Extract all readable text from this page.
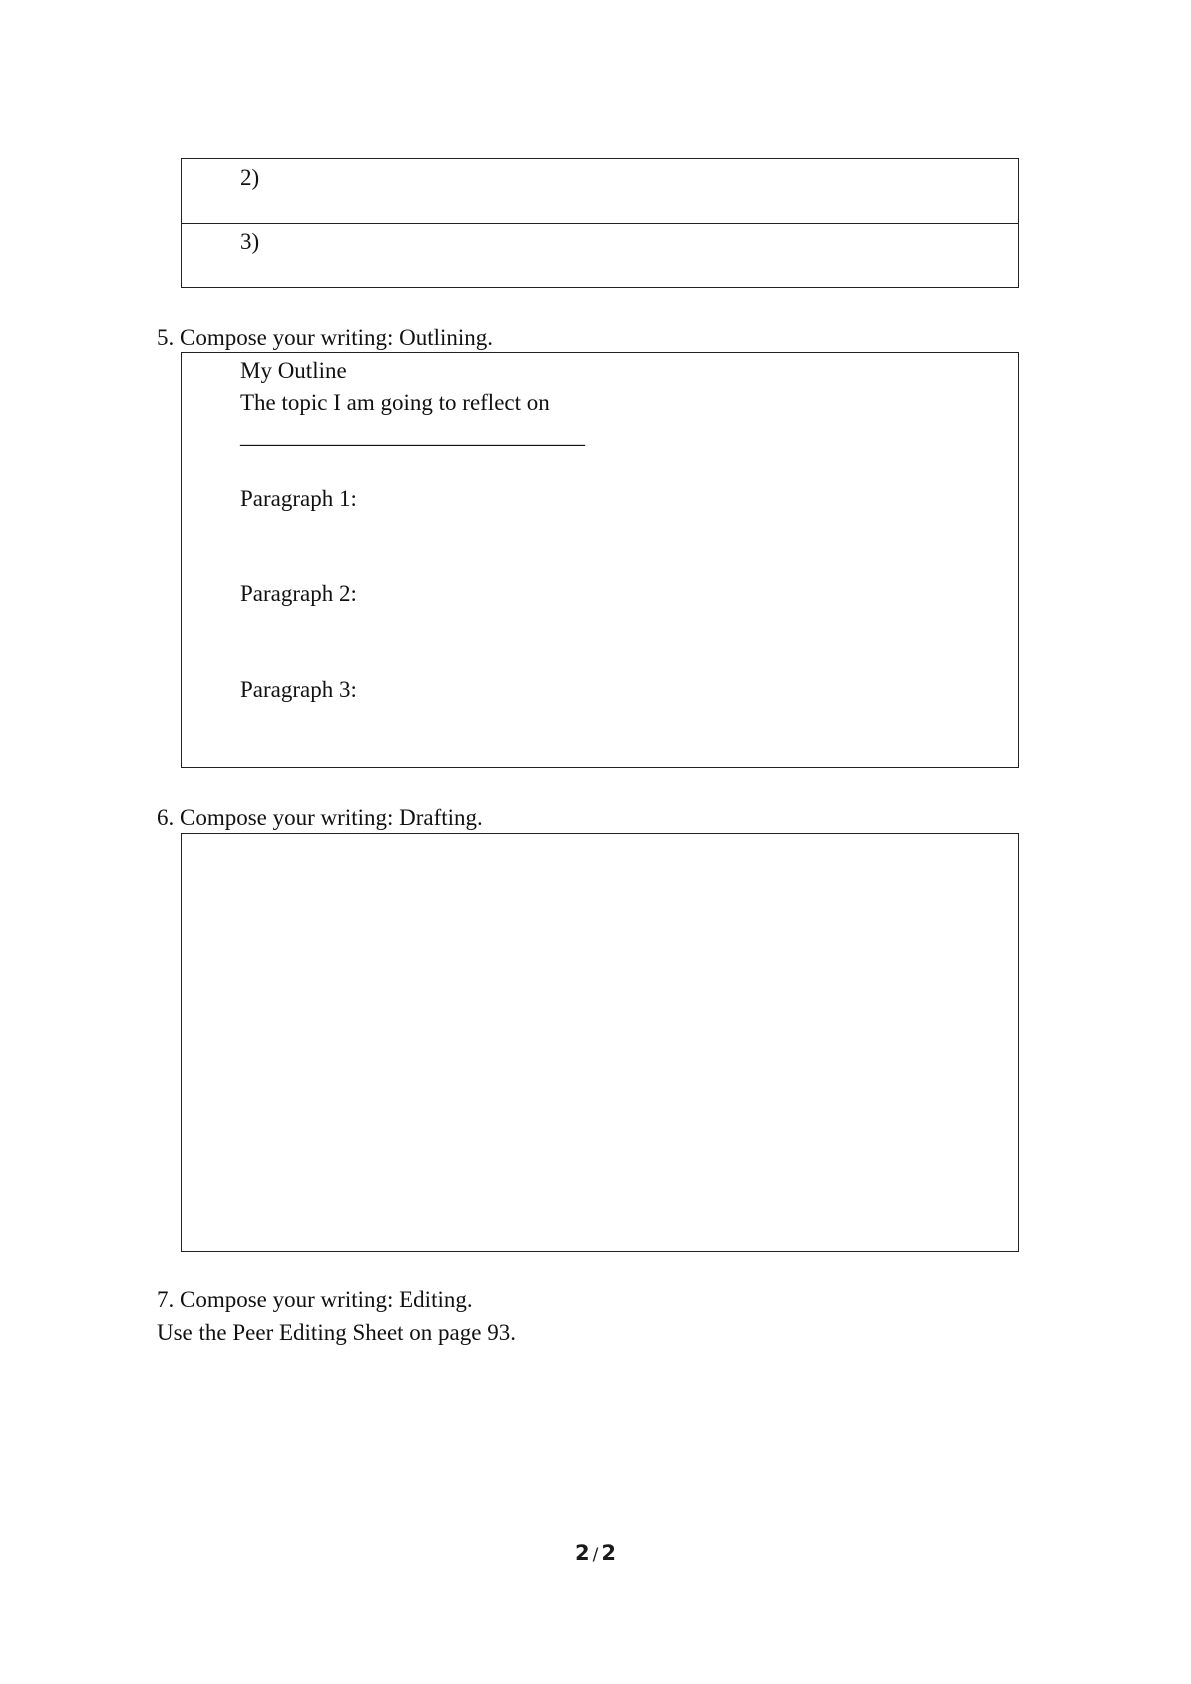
2)
3)
5. Compose your writing: Outlining.
My Outline
The topic I am going to reflect on
______________________________
Paragraph 1:
Paragraph 2:
Paragraph 3:
6. Compose your writing: Drafting.
7. Compose your writing: Editing.
Use the Peer Editing Sheet on page 93.
2 / 2
